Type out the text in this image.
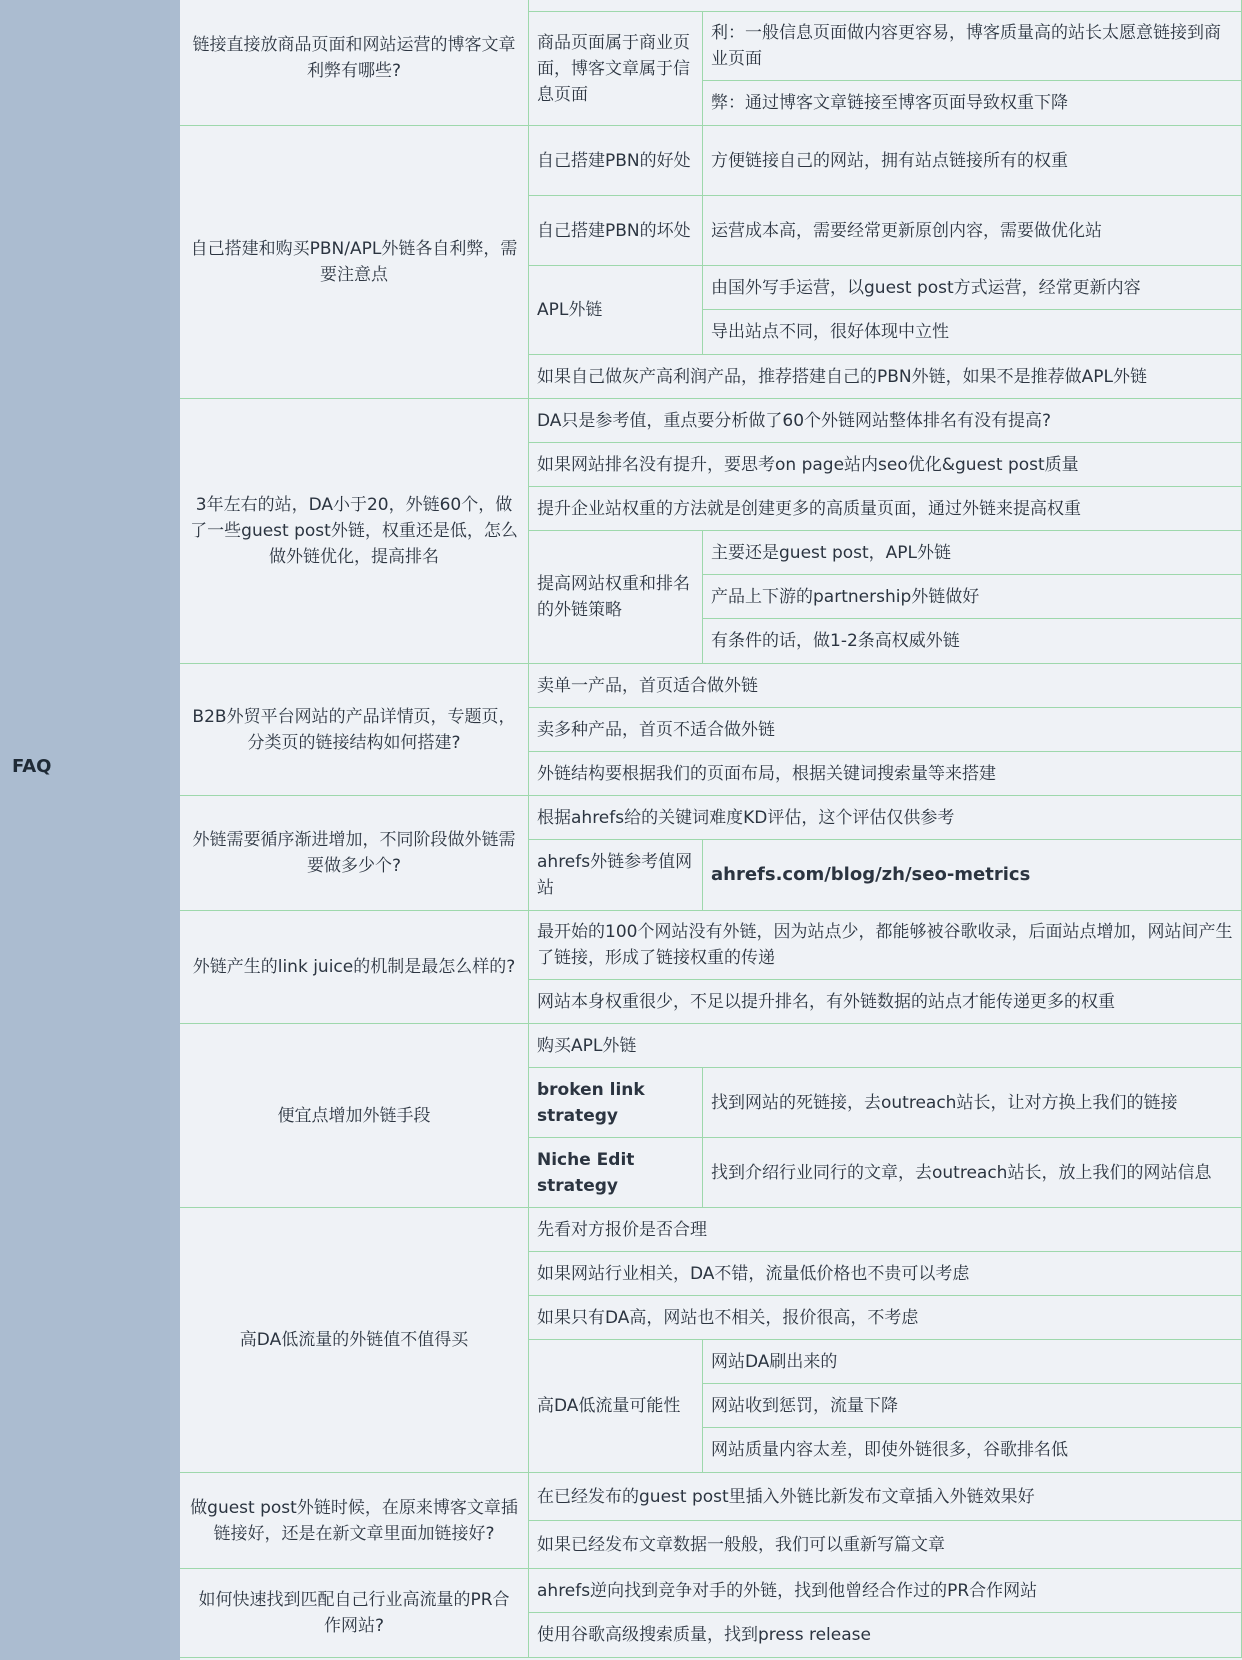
FAQ
链接直接放商品页面和网站运营的博客文章利弊有哪些?
商品页面属于商业页面，博客文章属于信息页面
利：一般信息页面做内容更容易，博客质量高的站长太愿意链接到商业页面
弊：通过博客文章链接至博客页面导致权重下降
自己搭建和购买PBN/APL外链各自利弊，需要注意点
自己搭建PBN的好处	方便链接自己的网站，拥有站点链接所有的权重
自己搭建PBN的坏处	运营成本高，需要经常更新原创内容，需要做优化站
APL外链
由国外写手运营，以guest post方式运营，经常更新内容
导出站点不同，很好体现中立性
如果自己做灰产高利润产品，推荐搭建自己的PBN外链，如果不是推荐做APL外链
3年左右的站，DA小于20，外链60个，做了一些guest post外链，权重还是低，怎么做外链优化，提高排名
DA只是参考值，重点要分析做了60个外链网站整体排名有没有提高?
如果网站排名没有提升，要思考on page站内seo优化&guest post质量
提升企业站权重的方法就是创建更多的高质量页面，通过外链来提高权重
提高网站权重和排名的外链策略
主要还是guest post，APL外链
产品上下游的partnership外链做好
有条件的话，做1-2条高权威外链
B2B外贸平台网站的产品详情页，专题页，分类页的链接结构如何搭建?
卖单一产品，首页适合做外链
卖多种产品，首页不适合做外链
外链结构要根据我们的页面布局，根据关键词搜索量等来搭建
外链需要循序渐进增加，不同阶段做外链需要做多少个?
根据ahrefs给的关键词难度KD评估，这个评估仅供参考
ahrefs外链参考值网站
ahrefs.com/blog/zh/seo-metrics
外链产生的link juice的机制是最怎么样的?
最开始的100个网站没有外链，因为站点少，都能够被谷歌收录，后面站点增加，网站间产生了链接，形成了链接权重的传递
网站本身权重很少，不足以提升排名，有外链数据的站点才能传递更多的权重
便宜点增加外链手段
购买APL外链
broken link strategy
找到网站的死链接，去outreach站长，让对方换上我们的链接
Niche Edit strategy
找到介绍行业同行的文章，去outreach站长，放上我们的网站信息
高DA低流量的外链值不值得买
先看对方报价是否合理
如果网站行业相关，DA不错，流量低价格也不贵可以考虑
如果只有DA高，网站也不相关，报价很高，不考虑
高DA低流量可能性
网站DA刷出来的
网站收到惩罚，流量下降
网站质量内容太差，即使外链很多，谷歌排名低
做guest post外链时候，在原来博客文章插链接好，还是在新文章里面加链接好?
在已经发布的guest post里插入外链比新发布文章插入外链效果好
如果已经发布文章数据一般般，我们可以重新写篇文章
如何快速找到匹配自己行业高流量的PR合作网站?
ahrefs逆向找到竞争对手的外链，找到他曾经合作过的PR合作网站
使用谷歌高级搜索质量，找到press release
